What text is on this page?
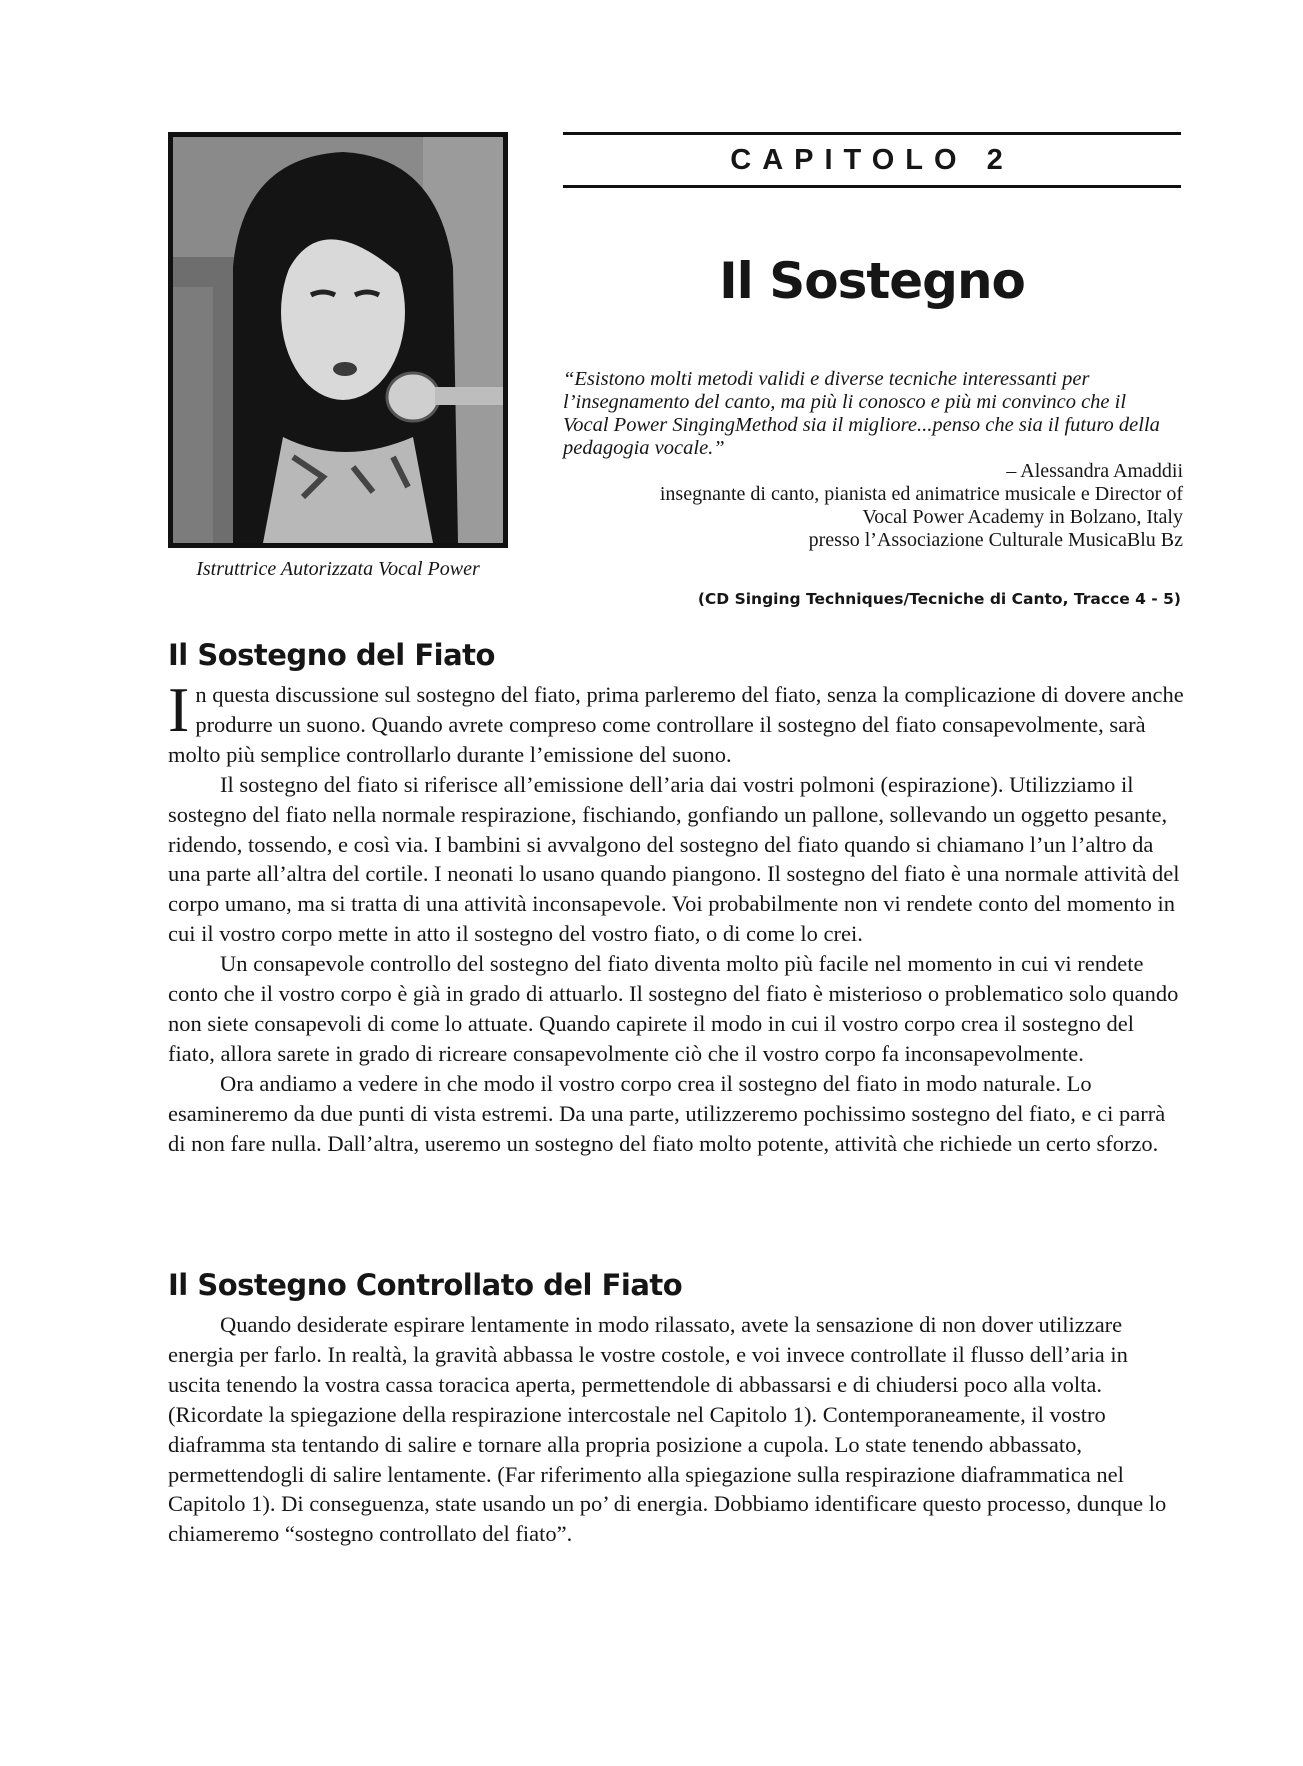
Istruttrice Autorizzata Vocal Power
CAPITOLO 2
Il Sostegno
“Esistono molti metodi validi e diverse tecniche interessanti per l’insegnamento del canto, ma più li conosco e più mi convinco che il Vocal Power SingingMethod sia il migliore...penso che sia il futuro della pedagogia vocale.”
– Alessandra Amaddii
insegnante di canto, pianista ed animatrice musicale e Director of
Vocal Power Academy in Bolzano, Italy
presso l’Associazione Culturale MusicaBlu Bz
(CD Singing Techniques/Tecniche di Canto, Tracce 4 - 5)
Il Sostegno del Fiato

In questa discussione sul sostegno del fiato, prima parleremo del fiato, senza la complicazione di dovere anche produrre un suono. Quando avrete compreso come controllare il sostegno del fiato consapevolmente, sarà molto più semplice controllarlo durante l’emissione del suono.

Il sostegno del fiato si riferisce all’emissione dell’aria dai vostri polmoni (espirazione). Utilizziamo il sostegno del fiato nella normale respirazione, fischiando, gonfiando un pallone, sollevando un oggetto pesante, ridendo, tossendo, e così via. I bambini si avvalgono del sostegno del fiato quando si chiamano l’un l’altro da una parte all’altra del cortile. I neonati lo usano quando piangono. Il sostegno del fiato è una normale attività del corpo umano, ma si tratta di una attività inconsapevole. Voi probabilmente non vi rendete conto del momento in cui il vostro corpo mette in atto il sostegno del vostro fiato, o di come lo crei.

Un consapevole controllo del sostegno del fiato diventa molto più facile nel momento in cui vi rendete conto che il vostro corpo è già in grado di attuarlo. Il sostegno del fiato è misterioso o problematico solo quando non siete consapevoli di come lo attuate. Quando capirete il modo in cui il vostro corpo crea il sostegno del fiato, allora sarete in grado di ricreare consapevolmente ciò che il vostro corpo fa inconsapevolmente.

Ora andiamo a vedere in che modo il vostro corpo crea il sostegno del fiato in modo naturale. Lo esamineremo da due punti di vista estremi. Da una parte, utilizzeremo pochissimo sostegno del fiato, e ci parrà di non fare nulla. Dall’altra, useremo un sostegno del fiato molto potente, attività che richiede un certo sforzo.

Il Sostegno Controllato del Fiato

Quando desiderate espirare lentamente in modo rilassato, avete la sensazione di non dover utilizzare energia per farlo. In realtà, la gravità abbassa le vostre costole, e voi invece controllate il flusso dell’aria in uscita tenendo la vostra cassa toracica aperta, permettendole di abbassarsi e di chiudersi poco alla volta. (Ricordate la spiegazione della respirazione intercostale nel Capitolo 1). Contemporaneamente, il vostro diaframma sta tentando di salire e tornare alla propria posizione a cupola. Lo state tenendo abbassato, permettendogli di salire lentamente. (Far riferimento alla spiegazione sulla respirazione diaframmatica nel Capitolo 1). Di conseguenza, state usando un po’ di energia. Dobbiamo identificare questo processo, dunque lo chiameremo “sostegno controllato del fiato”.
